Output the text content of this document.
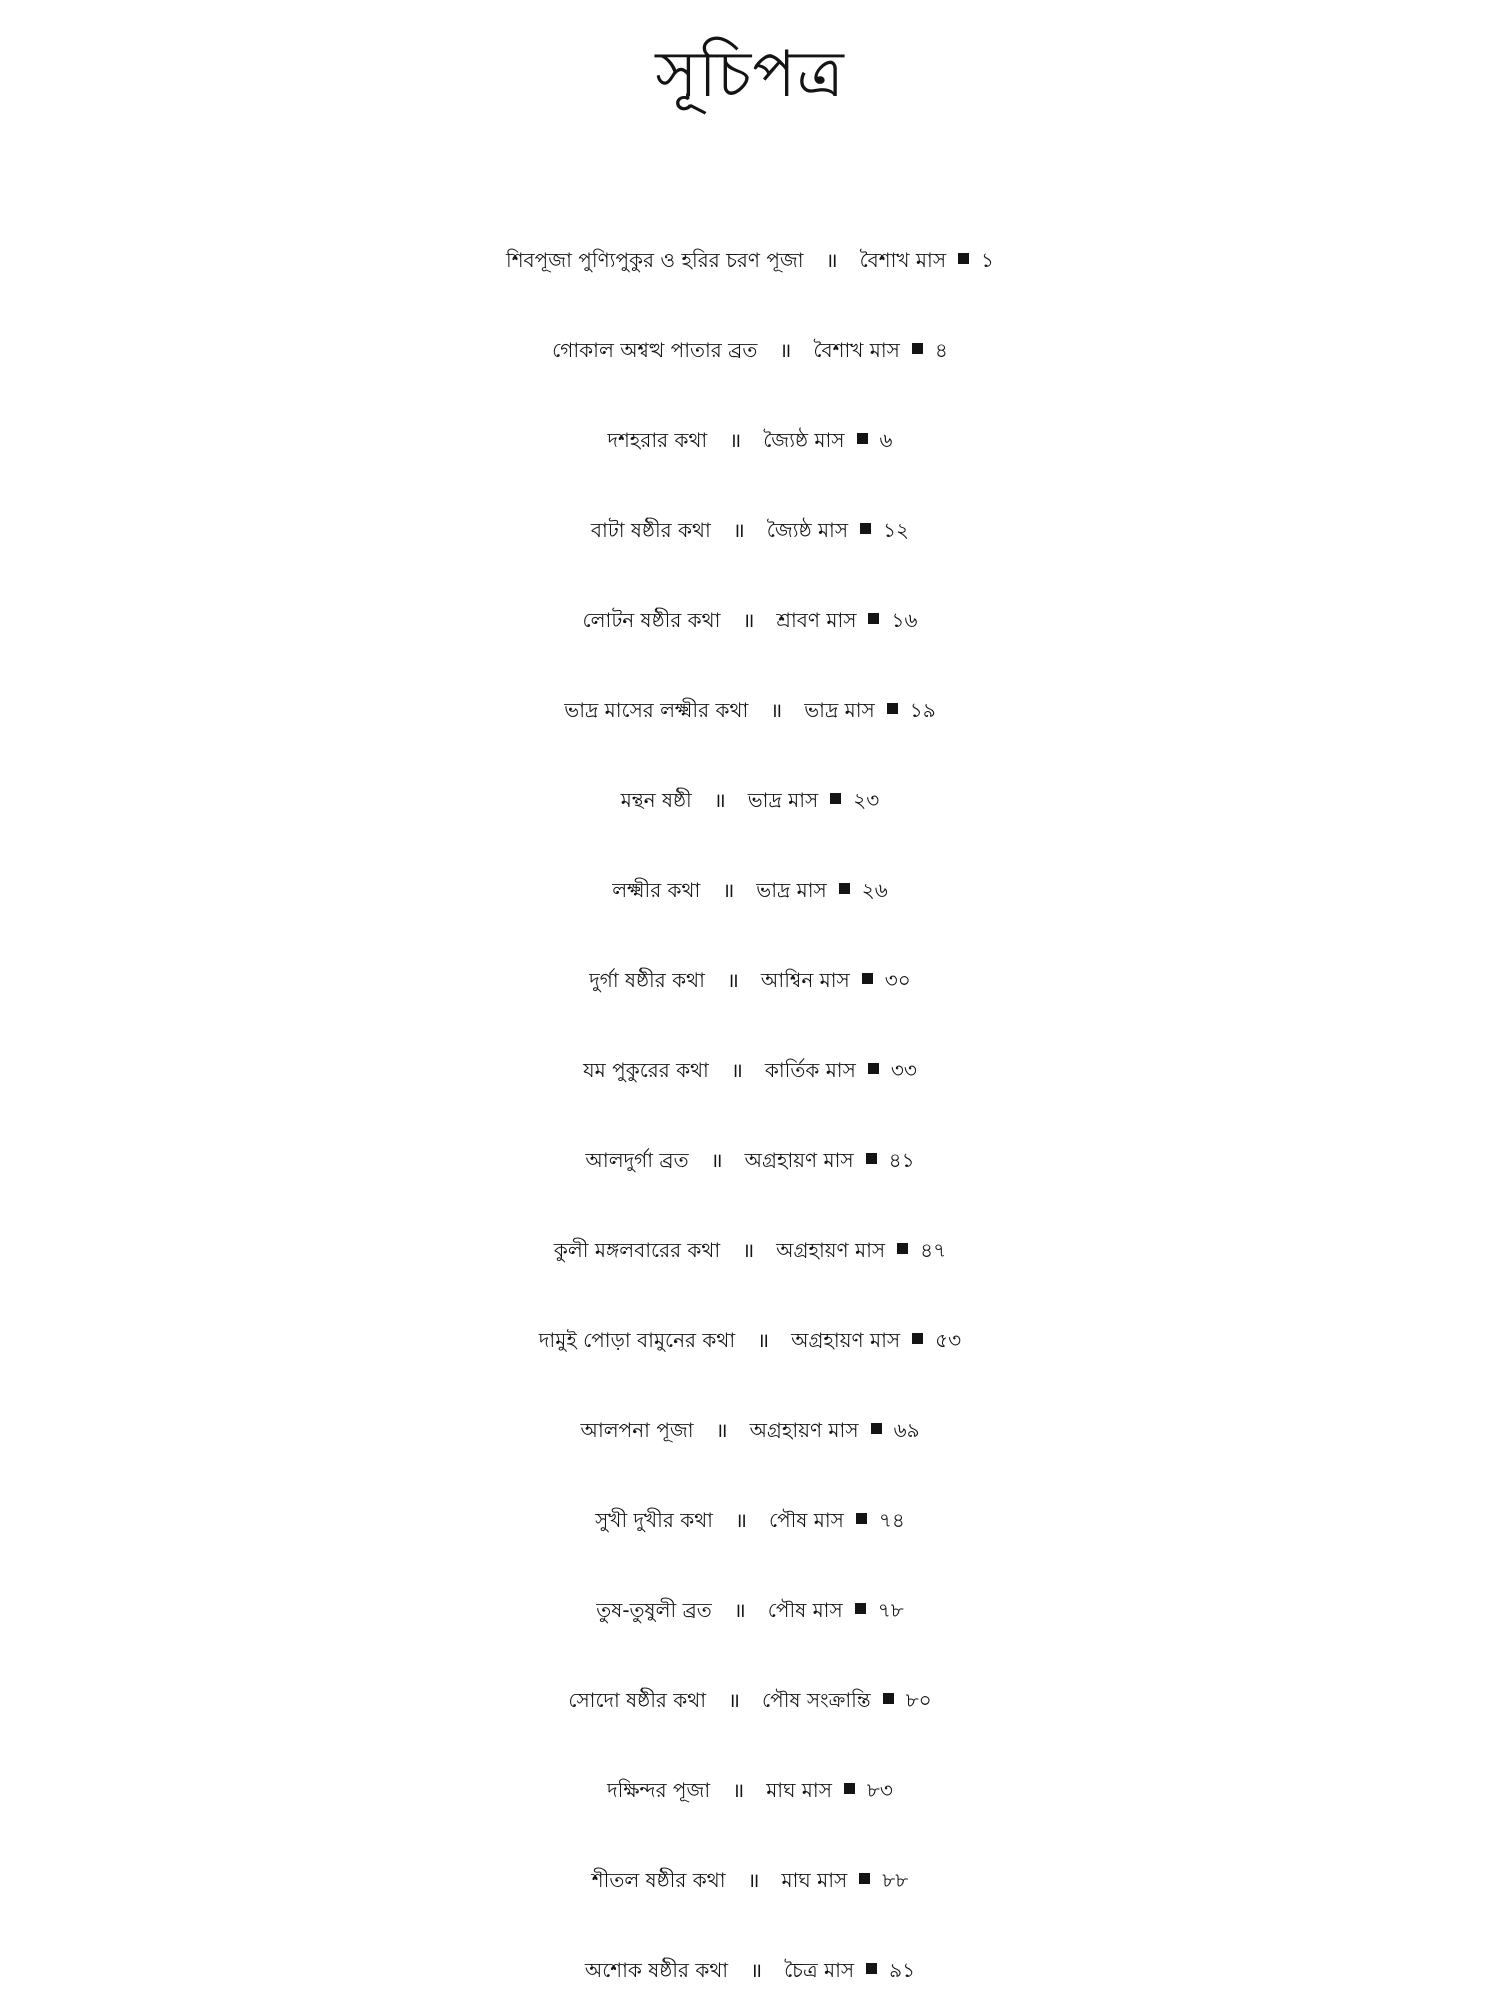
সূচিপত্র
শিবপূজা পুণ্যিপুকুর ও হরির চরণ পূজা ॥ বৈশাখ মাস ১
গোকাল অশ্বত্থ পাতার ব্রত ॥ বৈশাখ মাস ৪
দশহরার কথা ॥ জ্যৈষ্ঠ মাস ৬
বাটা ষষ্ঠীর কথা ॥ জ্যৈষ্ঠ মাস ১২
লোটন ষষ্ঠীর কথা ॥ শ্রাবণ মাস ১৬
ভাদ্র মাসের লক্ষ্মীর কথা ॥ ভাদ্র মাস ১৯
মন্থন ষষ্ঠী ॥ ভাদ্র মাস ২৩
লক্ষ্মীর কথা ॥ ভাদ্র মাস ২৬
দুর্গা ষষ্ঠীর কথা ॥ আশ্বিন মাস ৩০
যম পুকুরের কথা ॥ কার্তিক মাস ৩৩
আলদুর্গা ব্রত ॥ অগ্রহায়ণ মাস ৪১
কুলী মঙ্গলবারের কথা ॥ অগ্রহায়ণ মাস ৪৭
দামুই পোড়া বামুনের কথা ॥ অগ্রহায়ণ মাস ৫৩
আলপনা পূজা ॥ অগ্রহায়ণ মাস ৬৯
সুখী দুখীর কথা ॥ পৌষ মাস ৭৪
তুষ-তুষুলী ব্রত ॥ পৌষ মাস ৭৮
সোদো ষষ্ঠীর কথা ॥ পৌষ সংক্রান্তি ৮০
দক্ষিন্দর পূজা ॥ মাঘ মাস ৮৩
শীতল ষষ্ঠীর কথা ॥ মাঘ মাস ৮৮
অশোক ষষ্ঠীর কথা ॥ চৈত্র মাস ৯১
